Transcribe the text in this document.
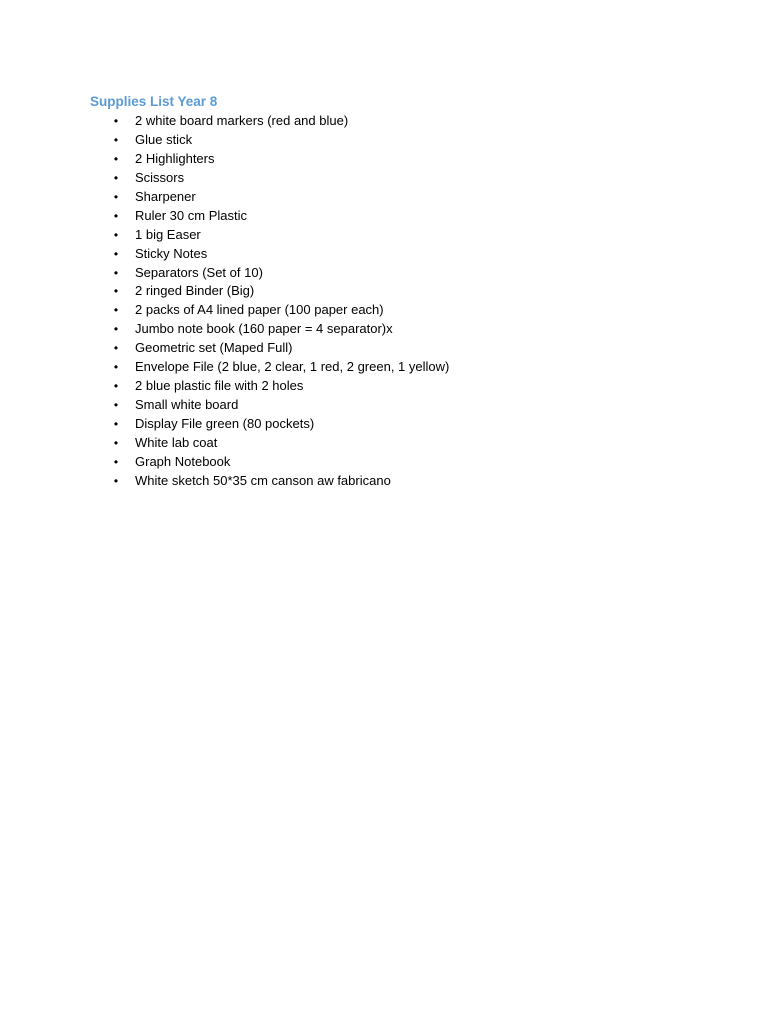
Supplies List Year 8
•	2 white board markers (red and blue)
•	Glue stick
•	2 Highlighters
•	Scissors
•	Sharpener
•	Ruler 30 cm Plastic
•	1 big Easer
•	Sticky Notes
•	Separators (Set of 10)
•	2 ringed Binder (Big)
•	2 packs of A4 lined paper (100 paper each)
•	Jumbo note book (160 paper = 4 separator)x
•	Geometric set (Maped Full)
•	Envelope File (2 blue, 2 clear, 1 red, 2 green, 1 yellow)
•	2 blue plastic file with 2 holes
•	Small white board
•	Display File green (80 pockets)
•	White lab coat
•	Graph Notebook
•	White sketch 50*35 cm canson aw fabricano
